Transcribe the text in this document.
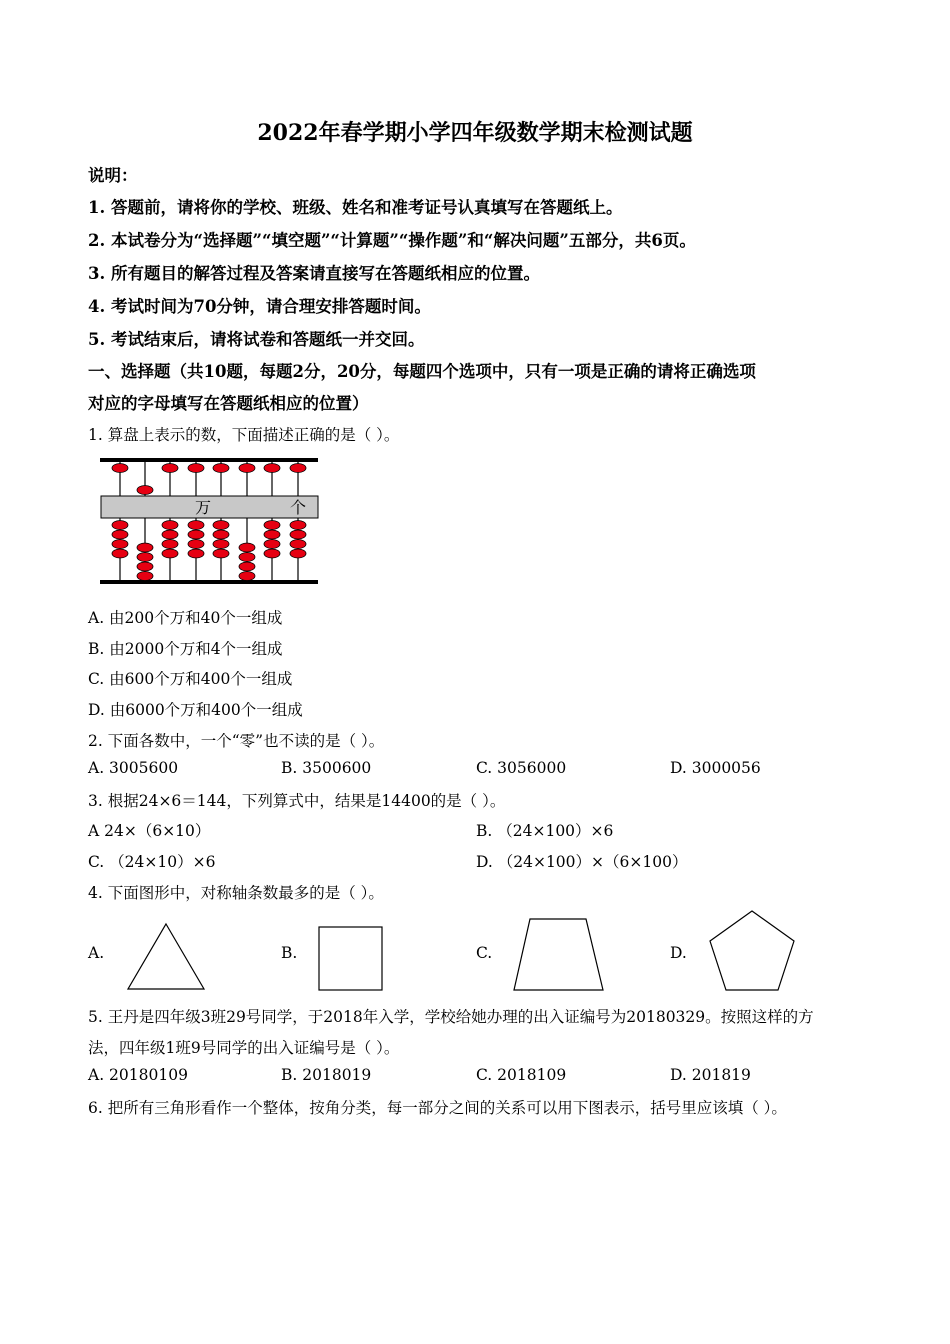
2022年春学期小学四年级数学期末检测试题
说明：
1. 答题前，请将你的学校、班级、姓名和准考证号认真填写在答题纸上。
2. 本试卷分为“选择题”“填空题”“计算题”“操作题”和“解决问题”五部分，共6页。
3. 所有题目的解答过程及答案请直接写在答题纸相应的位置。
4. 考试时间为70分钟，请合理安排答题时间。
5. 考试结束后，请将试卷和答题纸一并交回。
一、选择题（共10题，每题2分，20分，每题四个选项中，只有一项是正确的请将正确选项
对应的字母填写在答题纸相应的位置）
1. 算盘上表示的数，下面描述正确的是（ ）。
万	个
A. 由200个万和40个一组成
B. 由2000个万和4个一组成
C. 由600个万和400个一组成
D. 由6000个万和400个一组成
2. 下面各数中，一个“零”也不读的是（ ）。
A. 3005600	B. 3500600	C. 3056000	D. 3000056
3. 根据24×6＝144，下列算式中，结果是14400的是（ ）。
A 24×（6×10）	B. （24×100）×6
C. （24×10）×6	D. （24×100）×（6×100）
4. 下面图形中，对称轴条数最多的是（ ）。
A.	B.	C.	D.
5. 王丹是四年级3班29号同学，于2018年入学，学校给她办理的出入证编号为20180329。按照这样的方
法，四年级1班9号同学的出入证编号是（ ）。
A. 20180109	B. 2018019	C. 2018109	D. 201819
6. 把所有三角形看作一个整体，按角分类，每一部分之间的关系可以用下图表示，括号里应该填（ ）。
